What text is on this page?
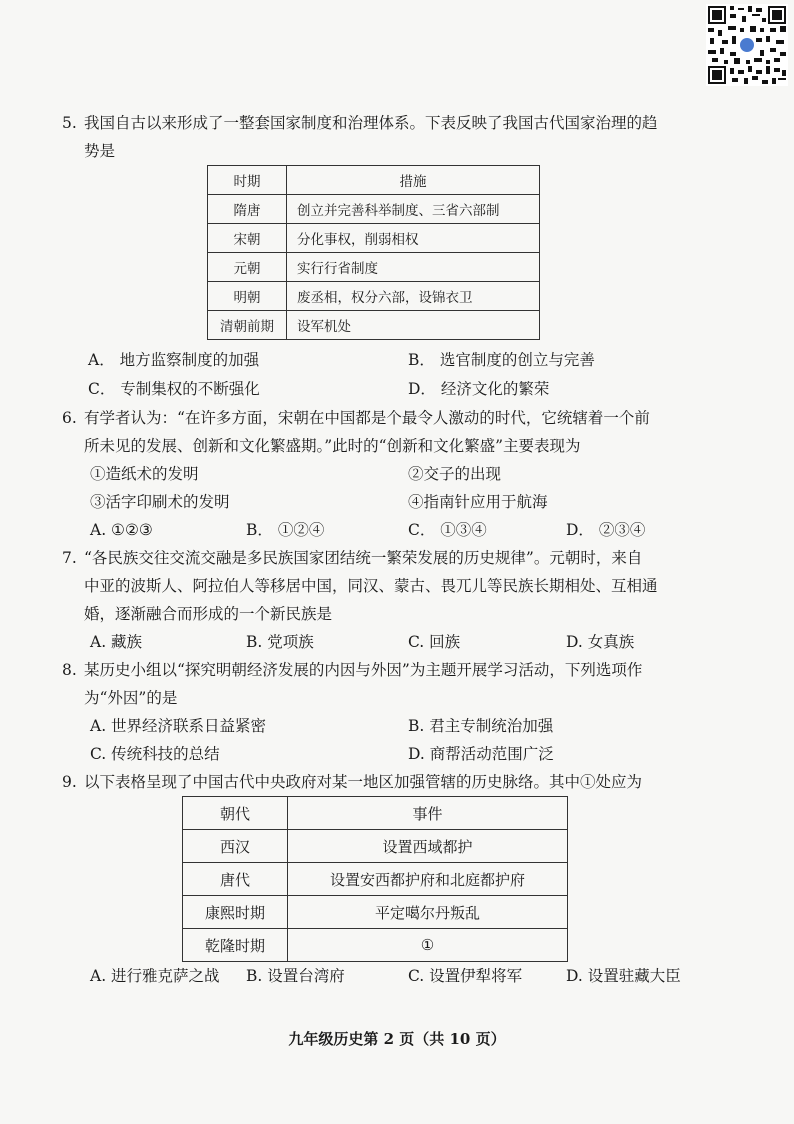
5. 我国自古以来形成了一整套国家制度和治理体系。下表反映了我国古代国家治理的趋
势是
时期	措施
隋唐	创立并完善科举制度、三省六部制
宋朝	分化事权，削弱相权
元朝	实行行省制度
明朝	废丞相，权分六部，设锦衣卫
清朝前期	设军机处
A． 地方监察制度的加强	B． 选官制度的创立与完善
C． 专制集权的不断强化	D． 经济文化的繁荣
6. 有学者认为：“在许多方面，宋朝在中国都是个最令人激动的时代，它统辖着一个前
所未见的发展、创新和文化繁盛期。”此时的“创新和文化繁盛”主要表现为
①造纸术的发明	②交子的出现
③活字印刷术的发明	④指南针应用于航海
A. ①②③	B． ①②④	C． ①③④	D． ②③④
7. “各民族交往交流交融是多民族国家团结统一繁荣发展的历史规律”。元朝时，来自
中亚的波斯人、阿拉伯人等移居中国，同汉、蒙古、畏兀儿等民族长期相处、互相通
婚，逐渐融合而形成的一个新民族是
A. 藏族	B. 党项族	C. 回族	D. 女真族
8. 某历史小组以“探究明朝经济发展的内因与外因”为主题开展学习活动，下列选项作
为“外因”的是
A. 世界经济联系日益紧密	B. 君主专制统治加强
C. 传统科技的总结	D. 商帮活动范围广泛
9. 以下表格呈现了中国古代中央政府对某一地区加强管辖的历史脉络。其中①处应为
朝代	事件
西汉	设置西域都护
唐代	设置安西都护府和北庭都护府
康熙时期	平定噶尔丹叛乱
乾隆时期	①
A. 进行雅克萨之战 B. 设置台湾府	C. 设置伊犁将军	D. 设置驻藏大臣
九年级历史第 2 页（共 10 页）
